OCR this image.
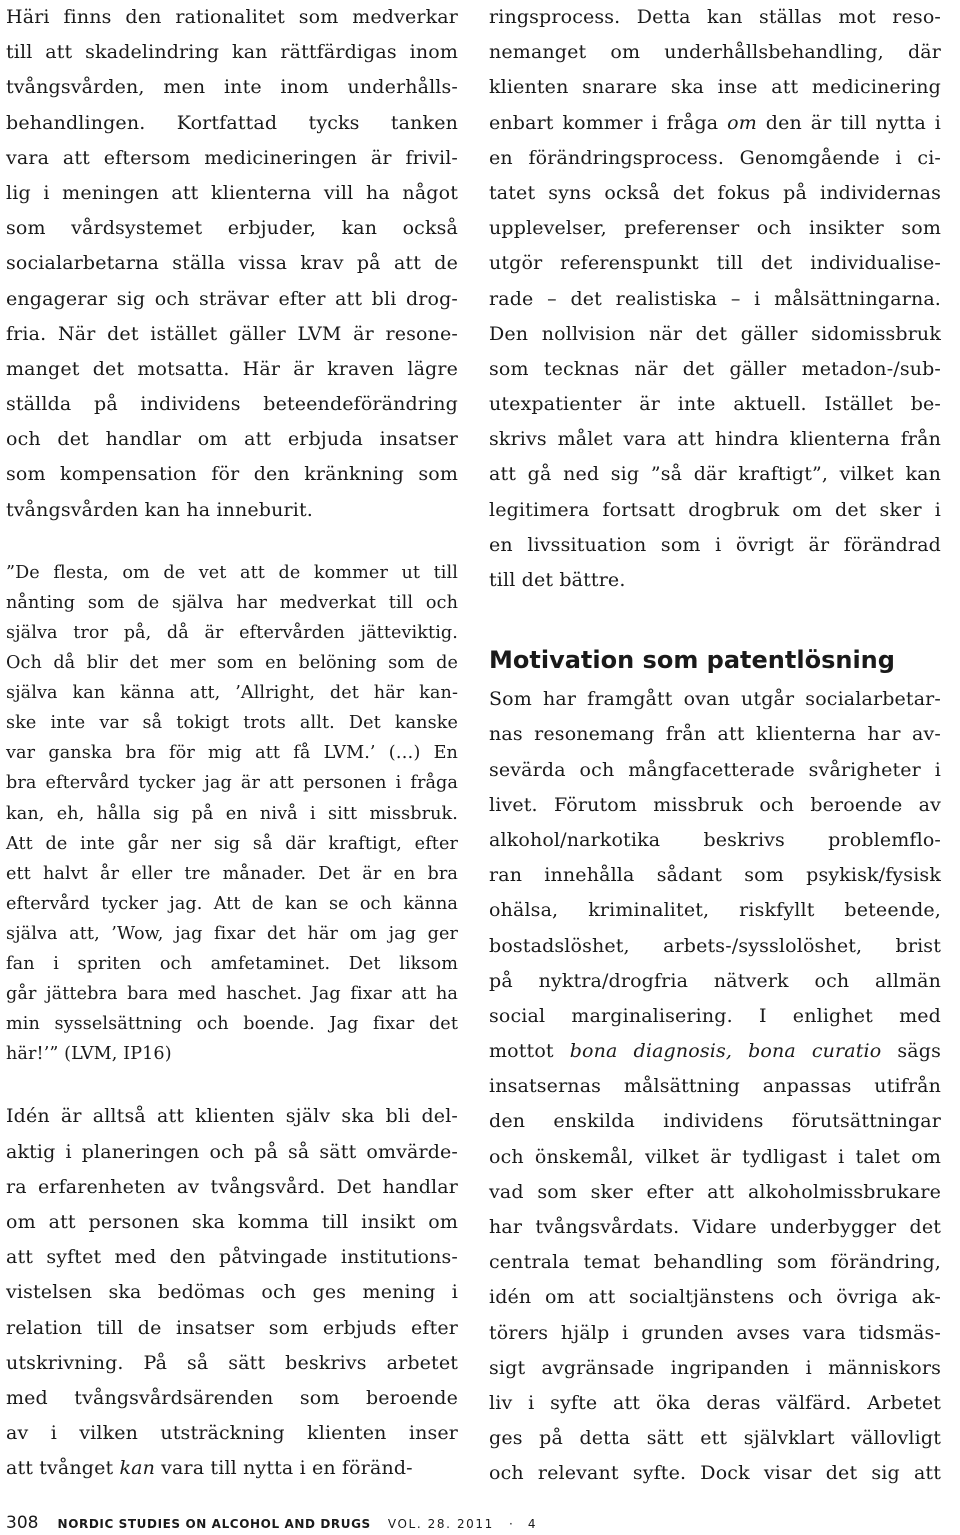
Häri finns den rationalitet som medverkar
till att skadelindring kan rättfärdigas inom
tvångsvården, men inte inom underhålls-
behandlingen. Kortfattad tycks tanken
vara att eftersom medicineringen är frivil-
lig i meningen att klienterna vill ha något
som vårdsystemet erbjuder, kan också
socialarbetarna ställa vissa krav på att de
engagerar sig och strävar efter att bli drog-
fria. När det istället gäller LVM är resone-
manget det motsatta. Här är kraven lägre
ställda på individens beteendeförändring
och det handlar om att erbjuda insatser
som kompensation för den kränkning som
tvångsvården kan ha inneburit.
”De flesta, om de vet att de kommer ut till
nånting som de själva har medverkat till och
själva tror på, då är eftervården jätteviktig.
Och då blir det mer som en belöning som de
själva kan känna att, ’Allright, det här kan-
ske inte var så tokigt trots allt. Det kanske
var ganska bra för mig att få LVM.’ (…) En
bra eftervård tycker jag är att personen i fråga
kan, eh, hålla sig på en nivå i sitt missbruk.
Att de inte går ner sig så där kraftigt, efter
ett halvt år eller tre månader. Det är en bra
eftervård tycker jag. Att de kan se och känna
själva att, ’Wow, jag fixar det här om jag ger
fan i spriten och amfetaminet. Det liksom
går jättebra bara med haschet. Jag fixar att ha
min sysselsättning och boende. Jag fixar det
här!’” (LVM, IP16)
Idén är alltså att klienten själv ska bli del-
aktig i planeringen och på så sätt omvärde-
ra erfarenheten av tvångsvård. Det handlar
om att personen ska komma till insikt om
att syftet med den påtvingade institutions-
vistelsen ska bedömas och ges mening i
relation till de insatser som erbjuds efter
utskrivning. På så sätt beskrivs arbetet
med tvångsvårdsärenden som beroende
av i vilken utsträckning klienten inser
att tvånget kan vara till nytta i en föränd-
ringsprocess. Detta kan ställas mot reso-
nemanget om underhållsbehandling, där
klienten snarare ska inse att medicinering
enbart kommer i fråga om den är till nytta i
en förändringsprocess. Genomgående i ci-
tatet syns också det fokus på individernas
upplevelser, preferenser och insikter som
utgör referenspunkt till det individualise-
rade – det realistiska – i målsättningarna.
Den nollvision när det gäller sidomissbruk
som tecknas när det gäller metadon-/sub-
utexpatienter är inte aktuell. Istället be-
skrivs målet vara att hindra klienterna från
att gå ned sig ”så där kraftigt”, vilket kan
legitimera fortsatt drogbruk om det sker i
en livssituation som i övrigt är förändrad
till det bättre.
Motivation som patentlösning
Som har framgått ovan utgår socialarbetar-
nas resonemang från att klienterna har av-
sevärda och mångfacetterade svårigheter i
livet. Förutom missbruk och beroende av
alkohol/narkotika beskrivs problemflo-
ran innehålla sådant som psykisk/fysisk
ohälsa, kriminalitet, riskfyllt beteende,
bostadslöshet, arbets-/sysslolöshet, brist
på nyktra/drogfria nätverk och allmän
social marginalisering. I enlighet med
mottot bona diagnosis, bona curatio sägs
insatsernas målsättning anpassas utifrån
den enskilda individens förutsättningar
och önskemål, vilket är tydligast i talet om
vad som sker efter att alkoholmissbrukare
har tvångsvårdats. Vidare underbygger det
centrala temat behandling som förändring,
idén om att socialtjänstens och övriga ak-
törers hjälp i grunden avses vara tidsmäs-
sigt avgränsade ingripanden i människors
liv i syfte att öka deras välfärd. Arbetet
ges på detta sätt ett självklart vällovligt
och relevant syfte. Dock visar det sig att
308 NORDIC STUDIES ON ALCOHOL AND DRUGS VOL. 28. 2011 · 4
